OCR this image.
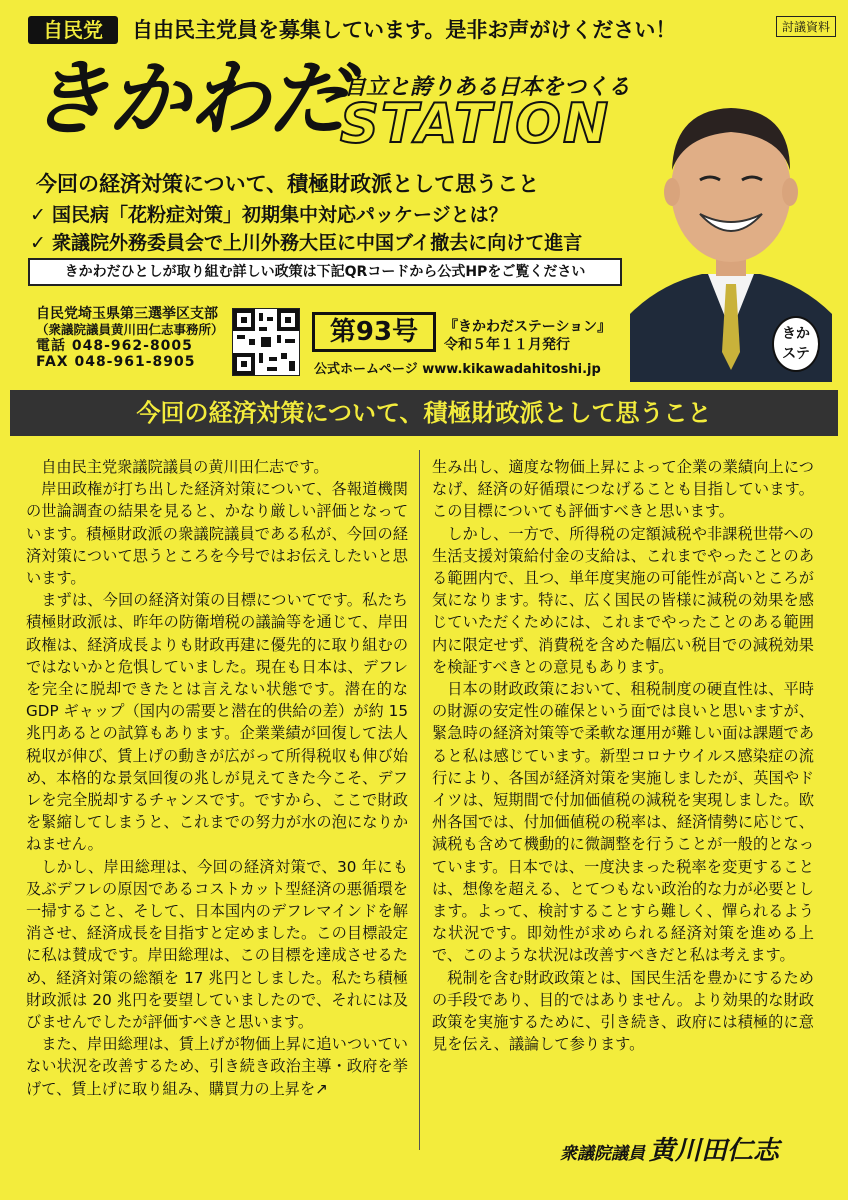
自民党	自由民主党員を募集しています。是非お声がけください！	討議資料
きかわだ
自立と誇りある日本をつくる
STATION
今回の経済対策について、積極財政派として思うこと
✓ 国民病「花粉症対策」初期集中対応パッケージとは？
✓ 衆議院外務委員会で上川外務大臣に中国ブイ撤去に向けて進言
きかわだひとしが取り組む詳しい政策は下記QRコードから公式HPをご覧ください
自民党埼玉県第三選挙区支部
（衆議院議員黄川田仁志事務所）
電話 048-962-8005
FAX 048-961-8905
第93号	『きかわだステーション』
令和５年１１月発行
公式ホームページ www.kikawadahitoshi.jp
きか
ステ
今回の経済対策について、積極財政派として思うこと

自由民主党衆議院議員の黄川田仁志です。

岸田政権が打ち出した経済対策について、各報道機関の世論調査の結果を見ると、かなり厳しい評価となっています。積極財政派の衆議院議員である私が、今回の経済対策について思うところを今号ではお伝えしたいと思います。

まずは、今回の経済対策の目標についてです。私たち積極財政派は、昨年の防衛増税の議論等を通じて、岸田政権は、経済成長よりも財政再建に優先的に取り組むのではないかと危惧していました。現在も日本は、デフレを完全に脱却できたとは言えない状態です。潜在的な GDP ギャップ（国内の需要と潜在的供給の差）が約 15 兆円あるとの試算もあります。企業業績が回復して法人税収が伸び、賃上げの動きが広がって所得税収も伸び始め、本格的な景気回復の兆しが見えてきた今こそ、デフレを完全脱却するチャンスです。ですから、ここで財政を緊縮してしまうと、これまでの努力が水の泡になりかねません。

しかし、岸田総理は、今回の経済対策で、30 年にも及ぶデフレの原因であるコストカット型経済の悪循環を一掃すること、そして、日本国内のデフレマインドを解消させ、経済成長を目指すと定めました。この目標設定に私は賛成です。岸田総理は、この目標を達成させるため、経済対策の総額を 17 兆円としました。私たち積極財政派は 20 兆円を要望していましたので、それには及びませんでしたが評価すべきと思います。

また、岸田総理は、賃上げが物価上昇に追いついていない状況を改善するため、引き続き政治主導・政府を挙げて、賃上げに取り組み、購買力の上昇を↗

生み出し、適度な物価上昇によって企業の業績向上につなげ、経済の好循環につなげることも目指しています。この目標についても評価すべきと思います。

しかし、一方で、所得税の定額減税や非課税世帯への生活支援対策給付金の支給は、これまでやったことのある範囲内で、且つ、単年度実施の可能性が高いところが気になります。特に、広く国民の皆様に減税の効果を感じていただくためには、これまでやったことのある範囲内に限定せず、消費税を含めた幅広い税目での減税効果を検証すべきとの意見もあります。

日本の財政政策において、租税制度の硬直性は、平時の財源の安定性の確保という面では良いと思いますが、緊急時の経済対策等で柔軟な運用が難しい面は課題であると私は感じています。新型コロナウイルス感染症の流行により、各国が経済対策を実施しましたが、英国やドイツは、短期間で付加価値税の減税を実現しました。欧州各国では、付加価値税の税率は、経済情勢に応じて、減税も含めて機動的に微調整を行うことが一般的となっています。日本では、一度決まった税率を変更することは、想像を超える、とてつもない政治的な力が必要とします。よって、検討することすら難しく、憚られるような状況です。即効性が求められる経済対策を進める上で、このような状況は改善すべきだと私は考えます。

税制を含む財政政策とは、国民生活を豊かにするための手段であり、目的ではありません。より効果的な財政政策を実施するために、引き続き、政府には積極的に意見を伝え、議論して参ります。

衆議院議員 黄川田仁志
